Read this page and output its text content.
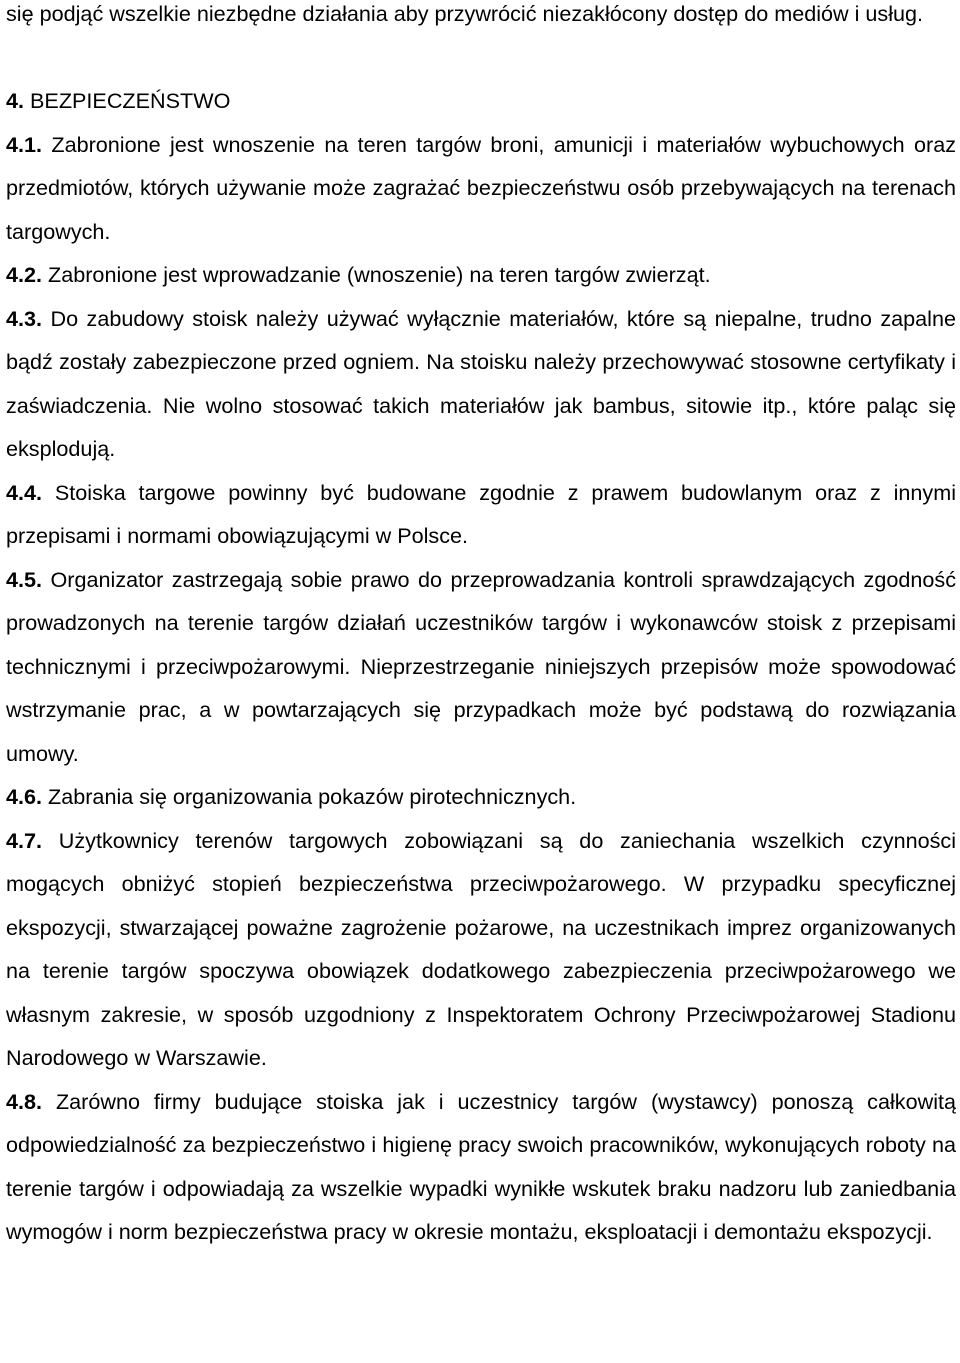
się podjąć wszelkie niezbędne działania aby przywrócić niezakłócony dostęp do mediów i usług.

4. BEZPIECZEŃSTWO

4.1. Zabronione jest wnoszenie na teren targów broni, amunicji i materiałów wybuchowych oraz przedmiotów, których używanie może zagrażać bezpieczeństwu osób przebywających na terenach targowych.

4.2. Zabronione jest wprowadzanie (wnoszenie) na teren targów zwierząt.

4.3. Do zabudowy stoisk należy używać wyłącznie materiałów, które są niepalne, trudno zapalne bądź zostały zabezpieczone przed ogniem. Na stoisku należy przechowywać stosowne certyfikaty i zaświadczenia. Nie wolno stosować takich materiałów jak bambus, sitowie itp., które paląc się eksplodują.

4.4. Stoiska targowe powinny być budowane zgodnie z prawem budowlanym oraz z innymi przepisami i normami obowiązującymi w Polsce.

4.5. Organizator zastrzegają sobie prawo do przeprowadzania kontroli sprawdzających zgodność prowadzonych na terenie targów działań uczestników targów i wykonawców stoisk z przepisami technicznymi i przeciwpożarowymi. Nieprzestrzeganie niniejszych przepisów może spowodować wstrzymanie prac, a w powtarzających się przypadkach może być podstawą do rozwiązania umowy.

4.6. Zabrania się organizowania pokazów pirotechnicznych.

4.7. Użytkownicy terenów targowych zobowiązani są do zaniechania wszelkich czynności mogących obniżyć stopień bezpieczeństwa przeciwpożarowego. W przypadku specyficznej ekspozycji, stwarzającej poważne zagrożenie pożarowe, na uczestnikach imprez organizowanych na terenie targów spoczywa obowiązek dodatkowego zabezpieczenia przeciwpożarowego we własnym zakresie, w sposób uzgodniony z Inspektoratem Ochrony Przeciwpożarowej Stadionu Narodowego w Warszawie.

4.8. Zarówno firmy budujące stoiska jak i uczestnicy targów (wystawcy) ponoszą całkowitą odpowiedzialność za bezpieczeństwo i higienę pracy swoich pracowników, wykonujących roboty na terenie targów i odpowiadają za wszelkie wypadki wynikłe wskutek braku nadzoru lub zaniedbania wymogów i norm bezpieczeństwa pracy w okresie montażu, eksploatacji i demontażu ekspozycji.
